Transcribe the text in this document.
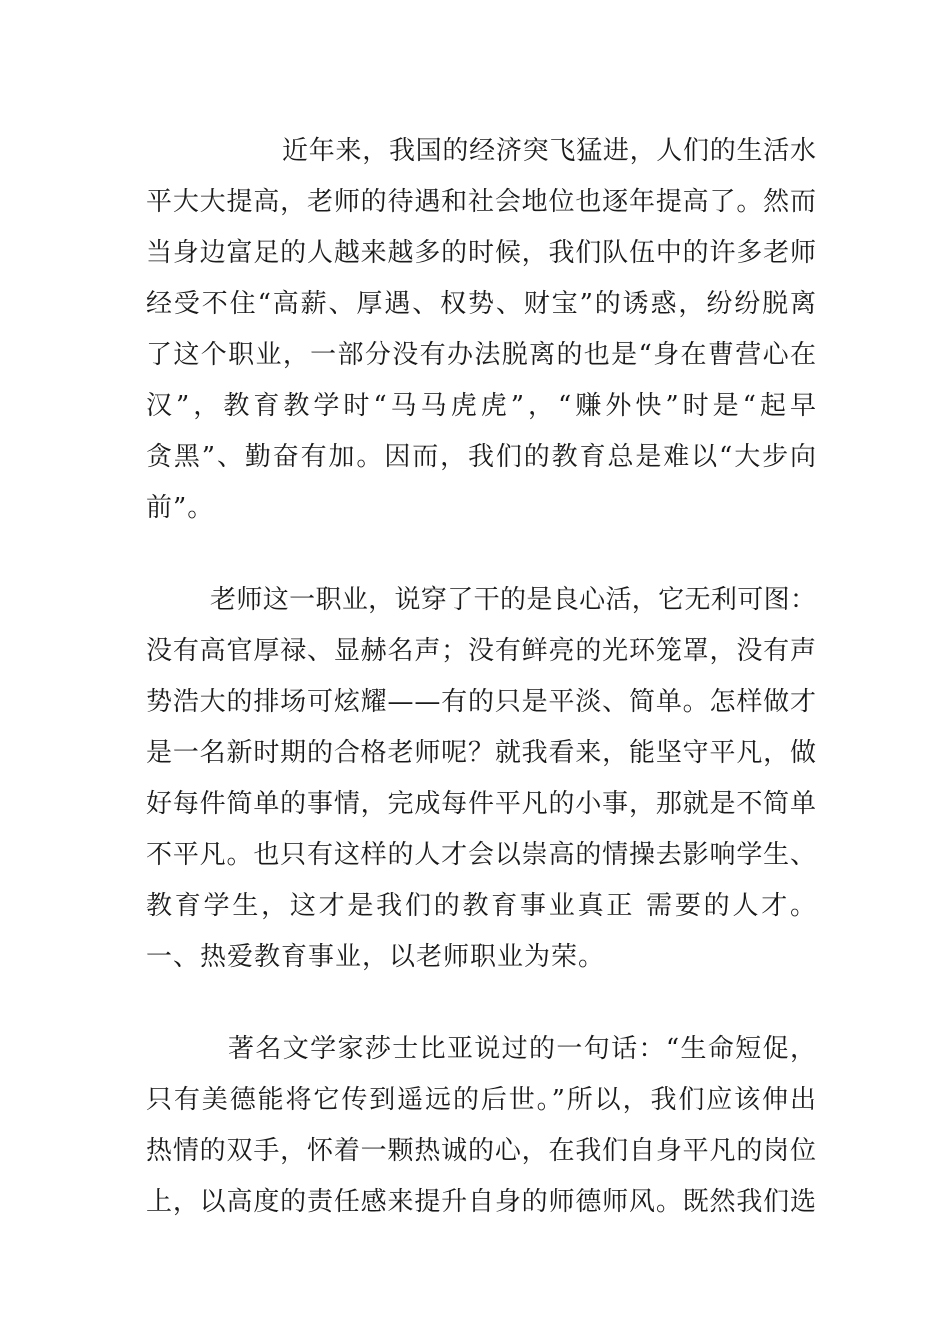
近年来，我国的经济突飞猛进，人们的生活水
平大大提高，老师的待遇和社会地位也逐年提高了。然而
当身边富足的人越来越多的时候，我们队伍中的许多老师
经受不住“高薪、厚遇、权势、财宝”的诱惑，纷纷脱离
了这个职业，一部分没有办法脱离的也是“身在曹营心在
汉”，教育教学时“马马虎虎”，“赚外快”时是“起早
贪黑”、勤奋有加。因而，我们的教育总是难以“大步向
前”。
老师这一职业，说穿了干的是良心活，它无利可图：
没有高官厚禄、显赫名声；没有鲜亮的光环笼罩，没有声
势浩大的排场可炫耀——有的只是平淡、简单。怎样做才
是一名新时期的合格老师呢？就我看来，能坚守平凡，做
好每件简单的事情，完成每件平凡的小事，那就是不简单
不平凡。也只有这样的人才会以崇高的情操去影响学生、
教育学生，这才是我们的教育事业真正 需要的人才。
一、热爱教育事业，以老师职业为荣。
著名文学家莎士比亚说过的一句话：“生命短促，
只有美德能将它传到遥远的后世。”所以，我们应该伸出
热情的双手，怀着一颗热诚的心，在我们自身平凡的岗位
上，以高度的责任感来提升自身的师德师风。既然我们选
